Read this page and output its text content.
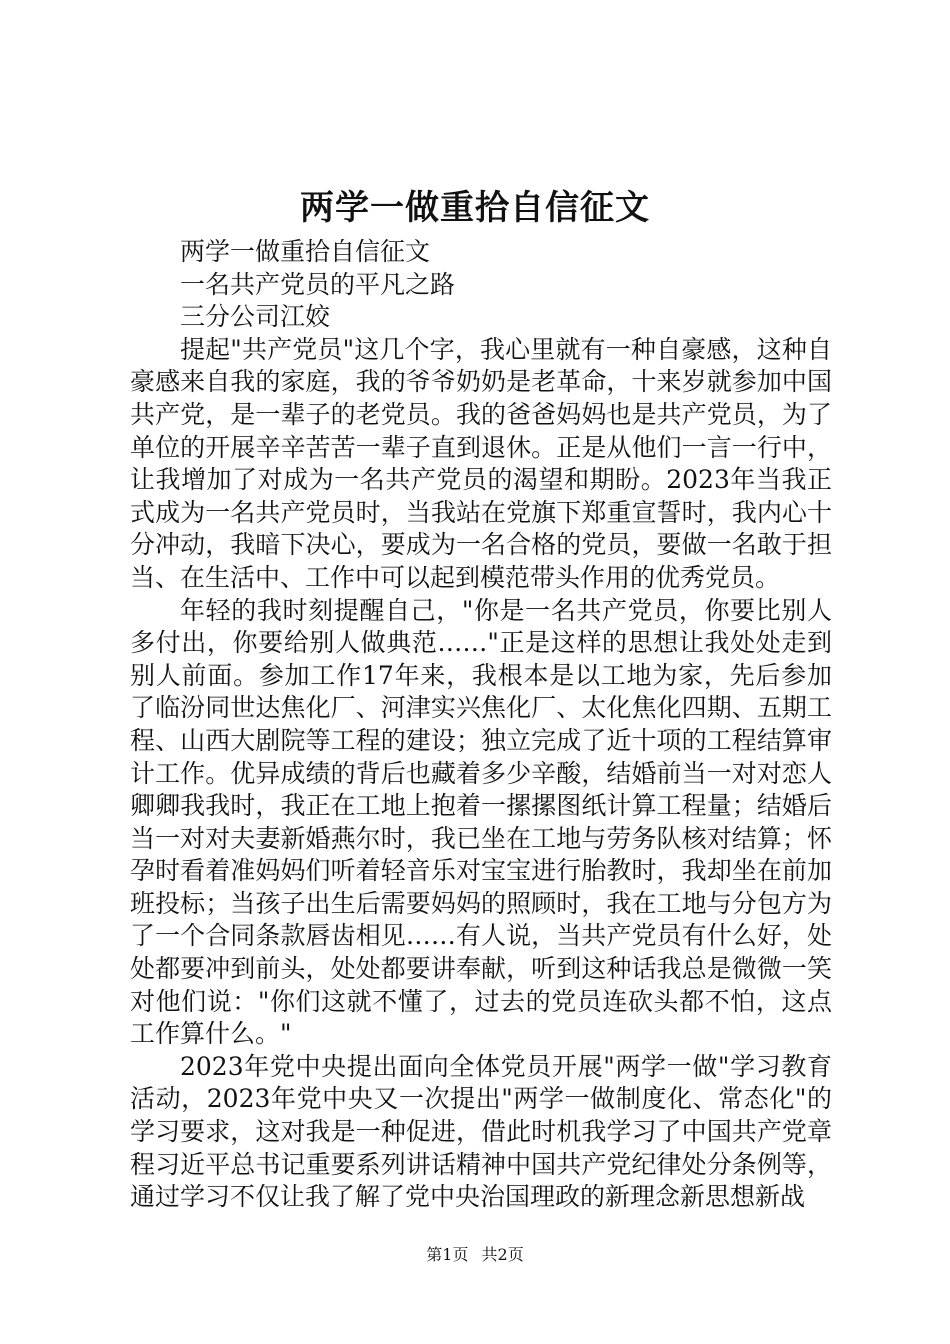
两学一做重拾自信征文

两学一做重拾自信征文

一名共产党员的平凡之路

三分公司江姣

提起"共产党员"这几个字，我心里就有一种自豪感，这种自豪感来自我的家庭，我的爷爷奶奶是老革命，十来岁就参加中国共产党，是一辈子的老党员。我的爸爸妈妈也是共产党员，为了单位的开展辛辛苦苦一辈子直到退休。正是从他们一言一行中，让我增加了对成为一名共产党员的渴望和期盼。2023年当我正式成为一名共产党员时，当我站在党旗下郑重宣誓时，我内心十分冲动，我暗下决心，要成为一名合格的党员，要做一名敢于担当、在生活中、工作中可以起到模范带头作用的优秀党员。

年轻的我时刻提醒自己，"你是一名共产党员，你要比别人多付出，你要给别人做典范……"正是这样的思想让我处处走到别人前面。参加工作17年来，我根本是以工地为家，先后参加了临汾同世达焦化厂、河津实兴焦化厂、太化焦化四期、五期工程、山西大剧院等工程的建设；独立完成了近十项的工程结算审计工作。优异成绩的背后也藏着多少辛酸，结婚前当一对对恋人卿卿我我时，我正在工地上抱着一摞摞图纸计算工程量；结婚后当一对对夫妻新婚燕尔时，我已坐在工地与劳务队核对结算；怀孕时看着准妈妈们听着轻音乐对宝宝进行胎教时，我却坐在前加班投标；当孩子出生后需要妈妈的照顾时，我在工地与分包方为了一个合同条款唇齿相见……有人说，当共产党员有什么好，处处都要冲到前头，处处都要讲奉献，听到这种话我总是微微一笑对他们说："你们这就不懂了，过去的党员连砍头都不怕，这点工作算什么。"

2023年党中央提出面向全体党员开展"两学一做"学习教育活动，2023年党中央又一次提出"两学一做制度化、常态化"的学习要求，这对我是一种促进，借此时机我学习了中国共产党章程习近平总书记重要系列讲话精神中国共产党纪律处分条例等，通过学习不仅让我了解了党中央治国理政的新理念新思想新战

第1页 共2页
